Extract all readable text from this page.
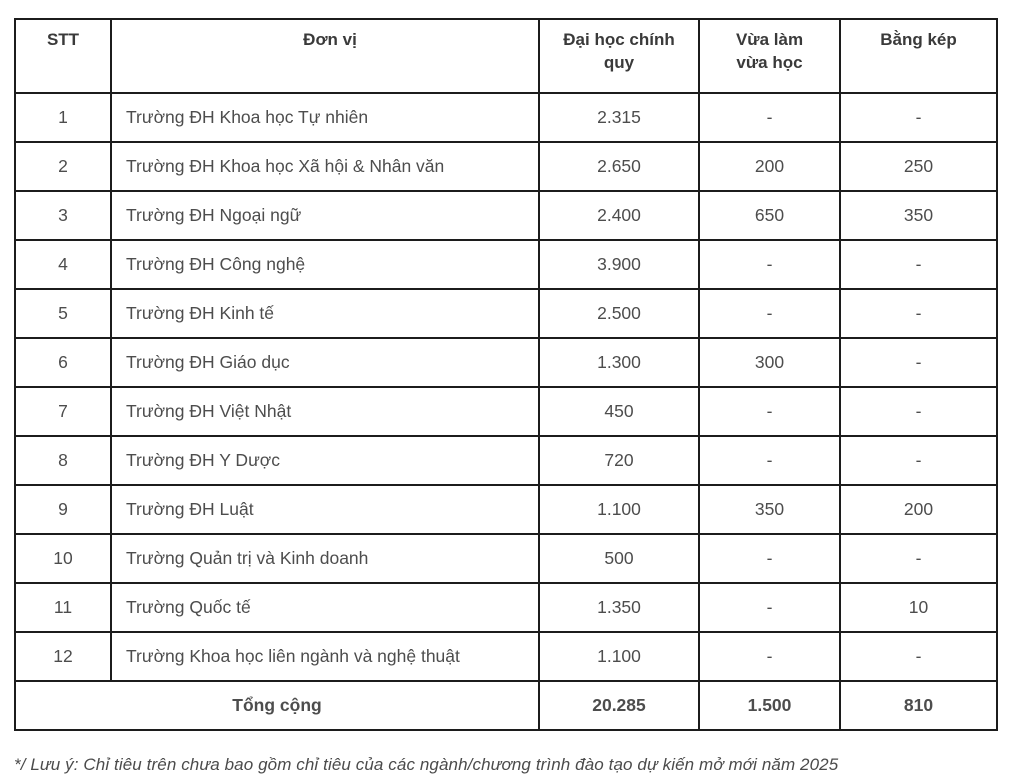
STT	Đơn vị	Đại học chính quy	Vừa làm vừa học	Bằng kép
1	Trường ĐH Khoa học Tự nhiên	2.315	-	-
2	Trường ĐH Khoa học Xã hội & Nhân văn	2.650	200	250
3	Trường ĐH Ngoại ngữ	2.400	650	350
4	Trường ĐH Công nghệ	3.900	-	-
5	Trường ĐH Kinh tế	2.500	-	-
6	Trường ĐH Giáo dục	1.300	300	-
7	Trường ĐH Việt Nhật	450	-	-
8	Trường ĐH Y Dược	720	-	-
9	Trường ĐH Luật	1.100	350	200
10	Trường Quản trị và Kinh doanh	500	-	-
11	Trường Quốc tế	1.350	-	10
12	Trường Khoa học liên ngành và nghệ thuật	1.100	-	-
Tổng cộng		20.285	1.500	810
*/ Lưu ý: Chỉ tiêu trên chưa bao gồm chỉ tiêu của các ngành/chương trình đào tạo dự kiến mở mới năm 2025
